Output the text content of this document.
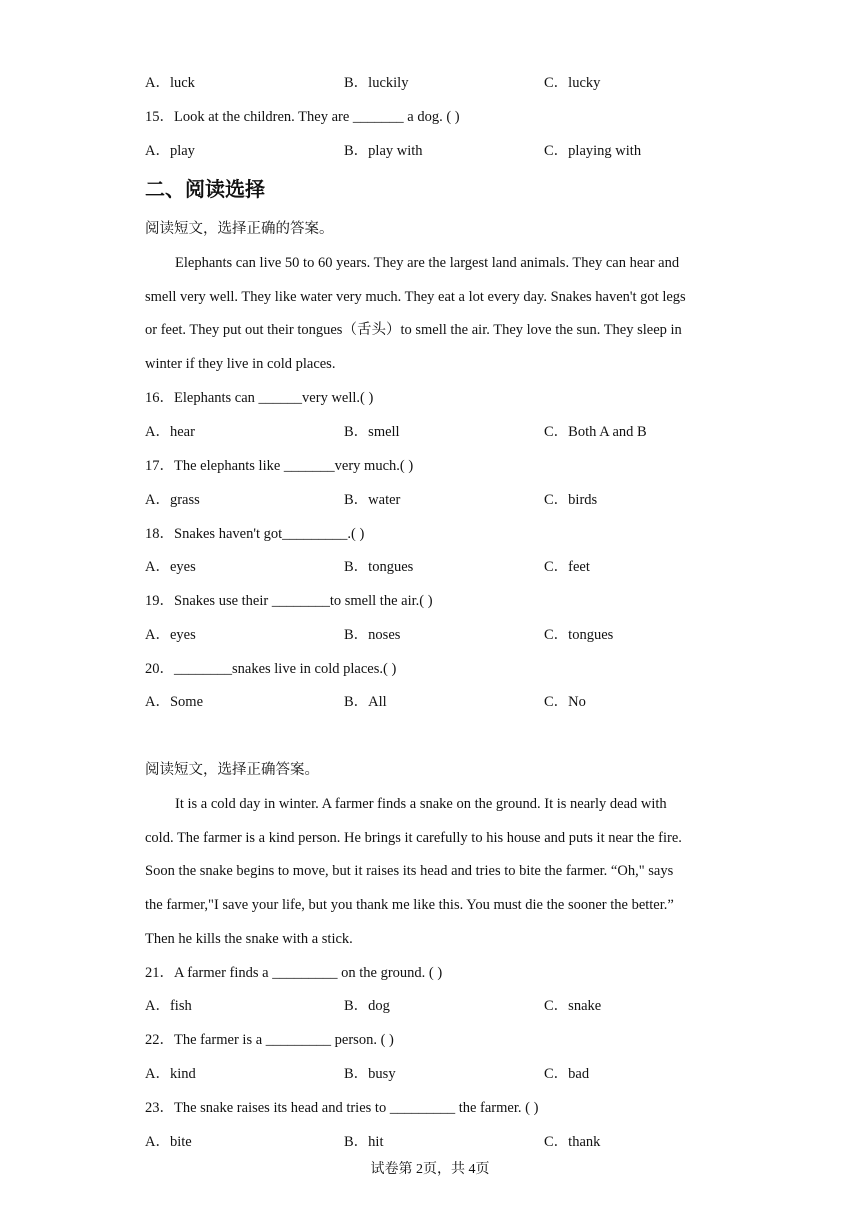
A．luck	B．luckily	C．lucky
15．Look at the children. They are _______ a dog. ( )
A．play	B．play with	C．playing with
二、阅读选择
阅读短文，选择正确的答案。
Elephants can live 50 to 60 years. They are the largest land animals. They can hear and
smell very well. They like water very much. They eat a lot every day. Snakes haven't got legs
or feet. They put out their tongues（舌头）to smell the air. They love the sun. They sleep in
winter if they live in cold places.
16．Elephants can ______very well.( )
A．hear	B．smell	C．Both A and B
17．The elephants like _______very much.( )
A．grass	B．water	C．birds
18．Snakes haven't got_________.( )
A．eyes	B．tongues	C．feet
19．Snakes use their ________to smell the air.( )
A．eyes	B．noses	C．tongues
20．________snakes live in cold places.( )
A．Some	B．All	C．No
阅读短文，选择正确答案。
It is a cold day in winter. A farmer finds a snake on the ground. It is nearly dead with
cold. The farmer is a kind person. He brings it carefully to his house and puts it near the fire.
Soon the snake begins to move, but it raises its head and tries to bite the farmer. “Oh," says
the farmer,"I save your life, but you thank me like this. You must die the sooner the better.”
Then he kills the snake with a stick.
21．A farmer finds a _________ on the ground. ( )
A．fish	B．dog	C．snake
22．The farmer is a _________ person. ( )
A．kind	B．busy	C．bad
23．The snake raises its head and tries to _________ the farmer. ( )
A．bite	B．hit	C．thank
试卷第 2页，共 4页
